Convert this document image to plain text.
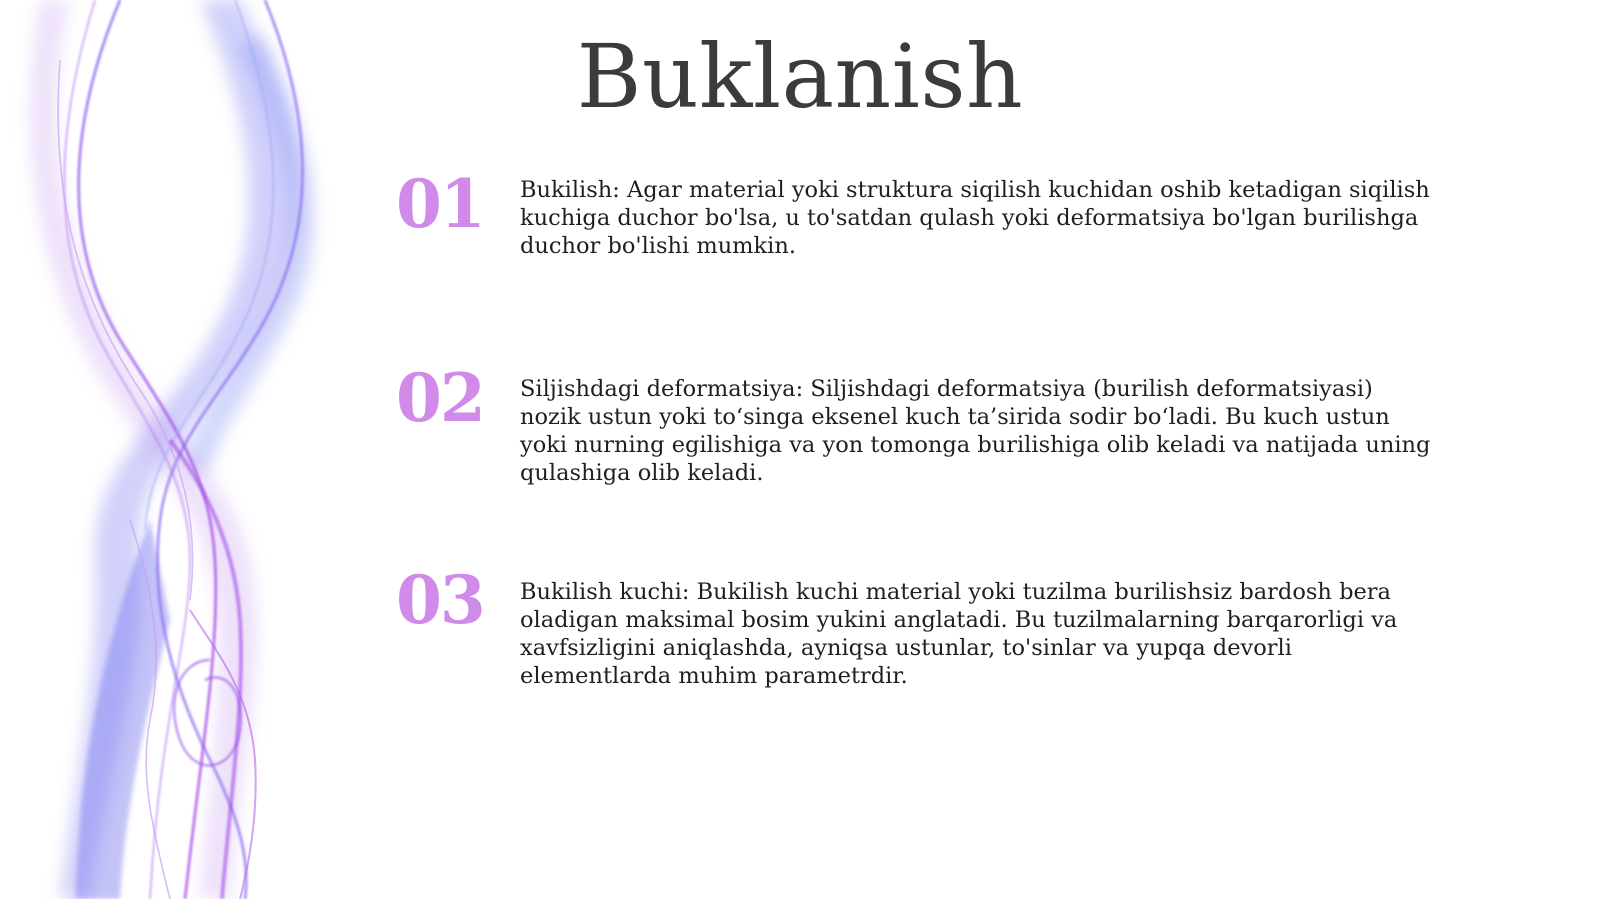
Buklanish
01	Bukilish: Agar material yoki struktura siqilish kuchidan oshib ketadigan siqilish kuchiga duchor bo'lsa, u to'satdan qulash yoki deformatsiya bo'lgan burilishga duchor bo'lishi mumkin.
02	Siljishdagi deformatsiya: Siljishdagi deformatsiya (burilish deformatsiyasi) nozik ustun yoki to‘singa eksenel kuch ta’sirida sodir bo‘ladi. Bu kuch ustun yoki nurning egilishiga va yon tomonga burilishiga olib keladi va natijada uning qulashiga olib keladi.
03	Bukilish kuchi: Bukilish kuchi material yoki tuzilma burilishsiz bardosh bera oladigan maksimal bosim yukini anglatadi. Bu tuzilmalarning barqarorligi va xavfsizligini aniqlashda, ayniqsa ustunlar, to'sinlar va yupqa devorli elementlarda muhim parametrdir.
